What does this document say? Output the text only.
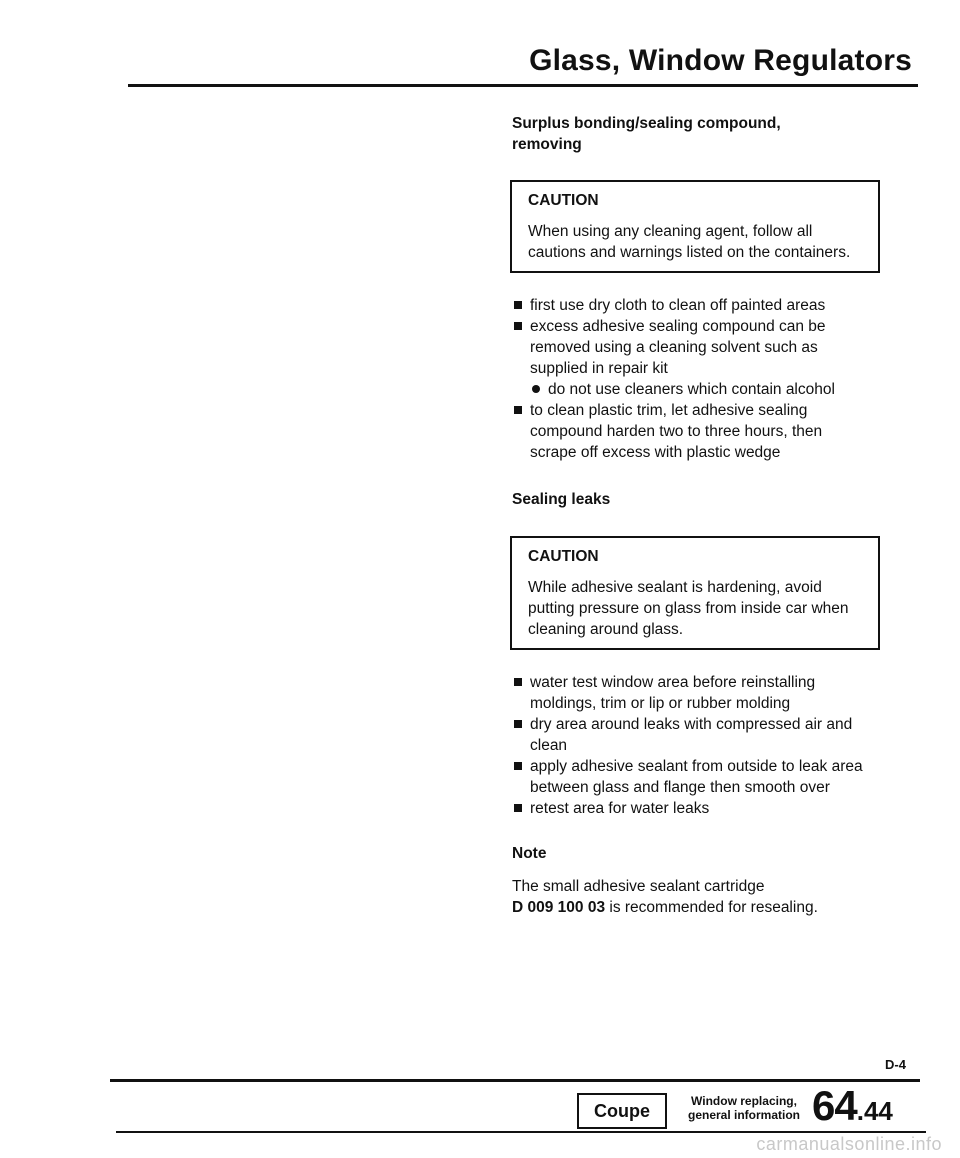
Glass, Window Regulators
Surplus bonding/sealing compound,
removing
CAUTION

When using any cleaning agent, follow all cautions and warnings listed on the containers.

first use dry cloth to clean off painted areas
excess adhesive sealing compound can be removed using a cleaning solvent such as supplied in repair kit
do not use cleaners which contain alcohol
to clean plastic trim, let adhesive sealing compound harden two to three hours, then scrape off excess with plastic wedge
Sealing leaks
CAUTION

While adhesive sealant is hardening, avoid putting pressure on glass from inside car when cleaning around glass.

water test window area before reinstalling moldings, trim or lip or rubber molding
dry area around leaks with compressed air and clean
apply adhesive sealant from outside to leak area between glass and flange then smooth over
retest area for water leaks
Note
The small adhesive sealant cartridge
D 009 100 03 is recommended for resealing.
D-4
Coupe	Window replacing,
general information 64.44
carmanualsonline.info
